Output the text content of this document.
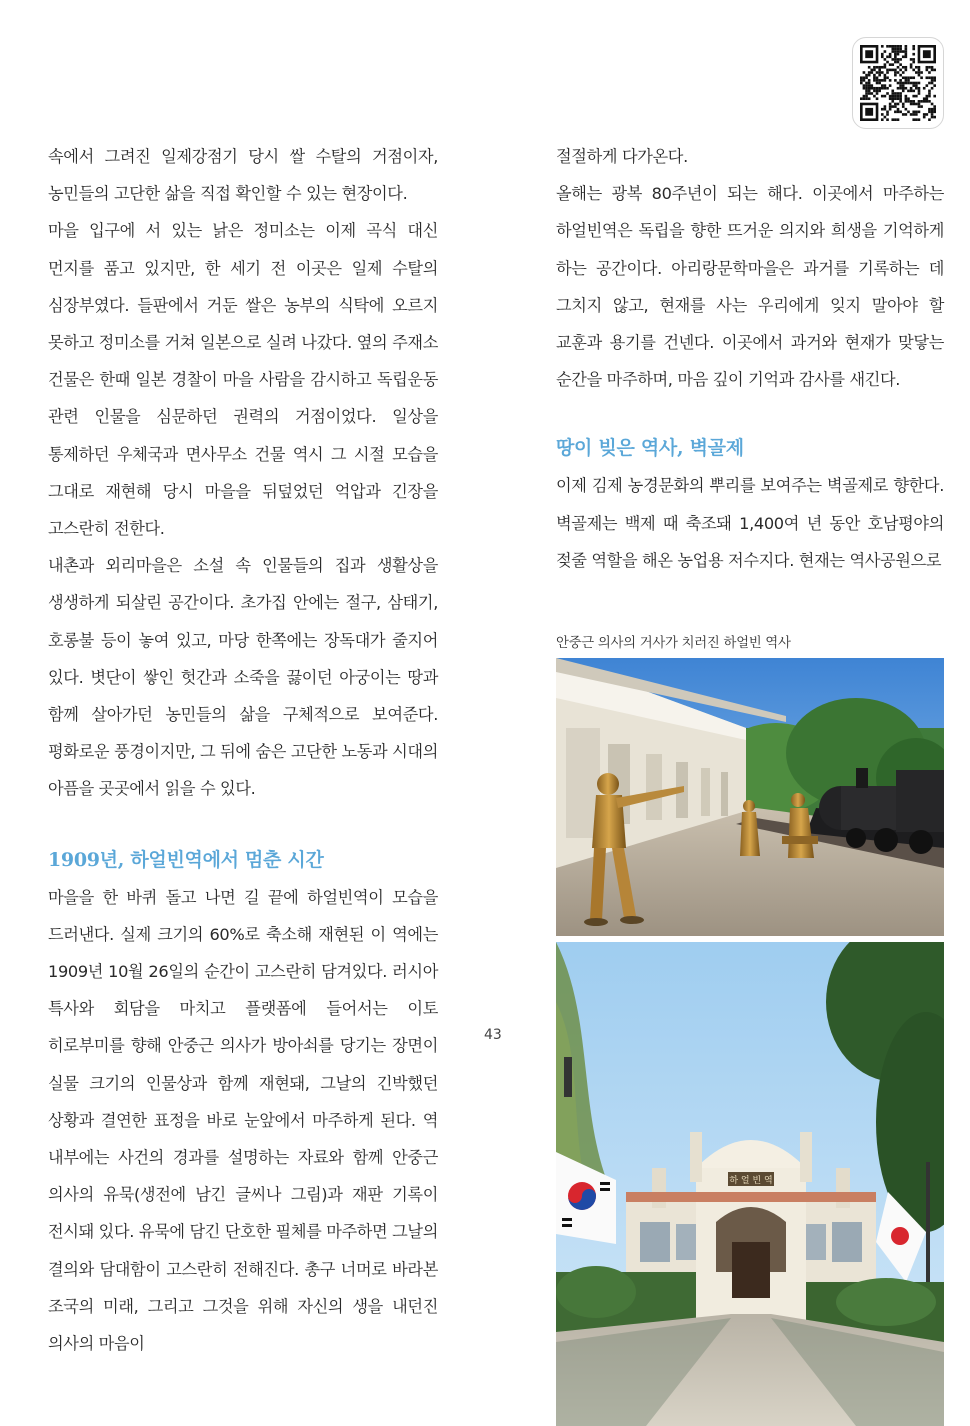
속에서 그려진 일제강점기 당시 쌀 수탈의 거점이자, 농민들의 고단한 삶을 직접 확인할 수 있는 현장이다.

마을 입구에 서 있는 낡은 정미소는 이제 곡식 대신 먼지를 품고 있지만, 한 세기 전 이곳은 일제 수탈의 심장부였다. 들판에서 거둔 쌀은 농부의 식탁에 오르지 못하고 정미소를 거쳐 일본으로 실려 나갔다. 옆의 주재소 건물은 한때 일본 경찰이 마을 사람을 감시하고 독립운동 관련 인물을 심문하던 권력의 거점이었다. 일상을 통제하던 우체국과 면사무소 건물 역시 그 시절 모습을 그대로 재현해 당시 마을을 뒤덮었던 억압과 긴장을 고스란히 전한다.

내촌과 외리마을은 소설 속 인물들의 집과 생활상을 생생하게 되살린 공간이다. 초가집 안에는 절구, 삼태기, 호롱불 등이 놓여 있고, 마당 한쪽에는 장독대가 줄지어 있다. 볏단이 쌓인 헛간과 소죽을 끓이던 아궁이는 땅과 함께 살아가던 농민들의 삶을 구체적으로 보여준다. 평화로운 풍경이지만, 그 뒤에 숨은 고단한 노동과 시대의 아픔을 곳곳에서 읽을 수 있다.

1909년, 하얼빈역에서 멈춘 시간

마을을 한 바퀴 돌고 나면 길 끝에 하얼빈역이 모습을 드러낸다. 실제 크기의 60%로 축소해 재현된 이 역에는 1909년 10월 26일의 순간이 고스란히 담겨있다. 러시아 특사와 회담을 마치고 플랫폼에 들어서는 이토 히로부미를 향해 안중근 의사가 방아쇠를 당기는 장면이 실물 크기의 인물상과 함께 재현돼, 그날의 긴박했던 상황과 결연한 표정을 바로 눈앞에서 마주하게 된다. 역 내부에는 사건의 경과를 설명하는 자료와 함께 안중근 의사의 유묵(생전에 남긴 글씨나 그림)과 재판 기록이 전시돼 있다. 유묵에 담긴 단호한 필체를 마주하면 그날의 결의와 담대함이 고스란히 전해진다. 총구 너머로 바라본 조국의 미래, 그리고 그것을 위해 자신의 생을 내던진 의사의 마음이

절절하게 다가온다.

올해는 광복 80주년이 되는 해다. 이곳에서 마주하는 하얼빈역은 독립을 향한 뜨거운 의지와 희생을 기억하게 하는 공간이다. 아리랑문학마을은 과거를 기록하는 데 그치지 않고, 현재를 사는 우리에게 잊지 말아야 할 교훈과 용기를 건넨다. 이곳에서 과거와 현재가 맞닿는 순간을 마주하며, 마음 깊이 기억과 감사를 새긴다.

땅이 빚은 역사, 벽골제

이제 김제 농경문화의 뿌리를 보여주는 벽골제로 향한다. 벽골제는 백제 때 축조돼 1,400여 년 동안 호남평야의 젖줄 역할을 해온 농업용 저수지다. 현재는 역사공원으로

안중근 의사의 거사가 치러진 하얼빈 역사
하 얼 빈 역
43
